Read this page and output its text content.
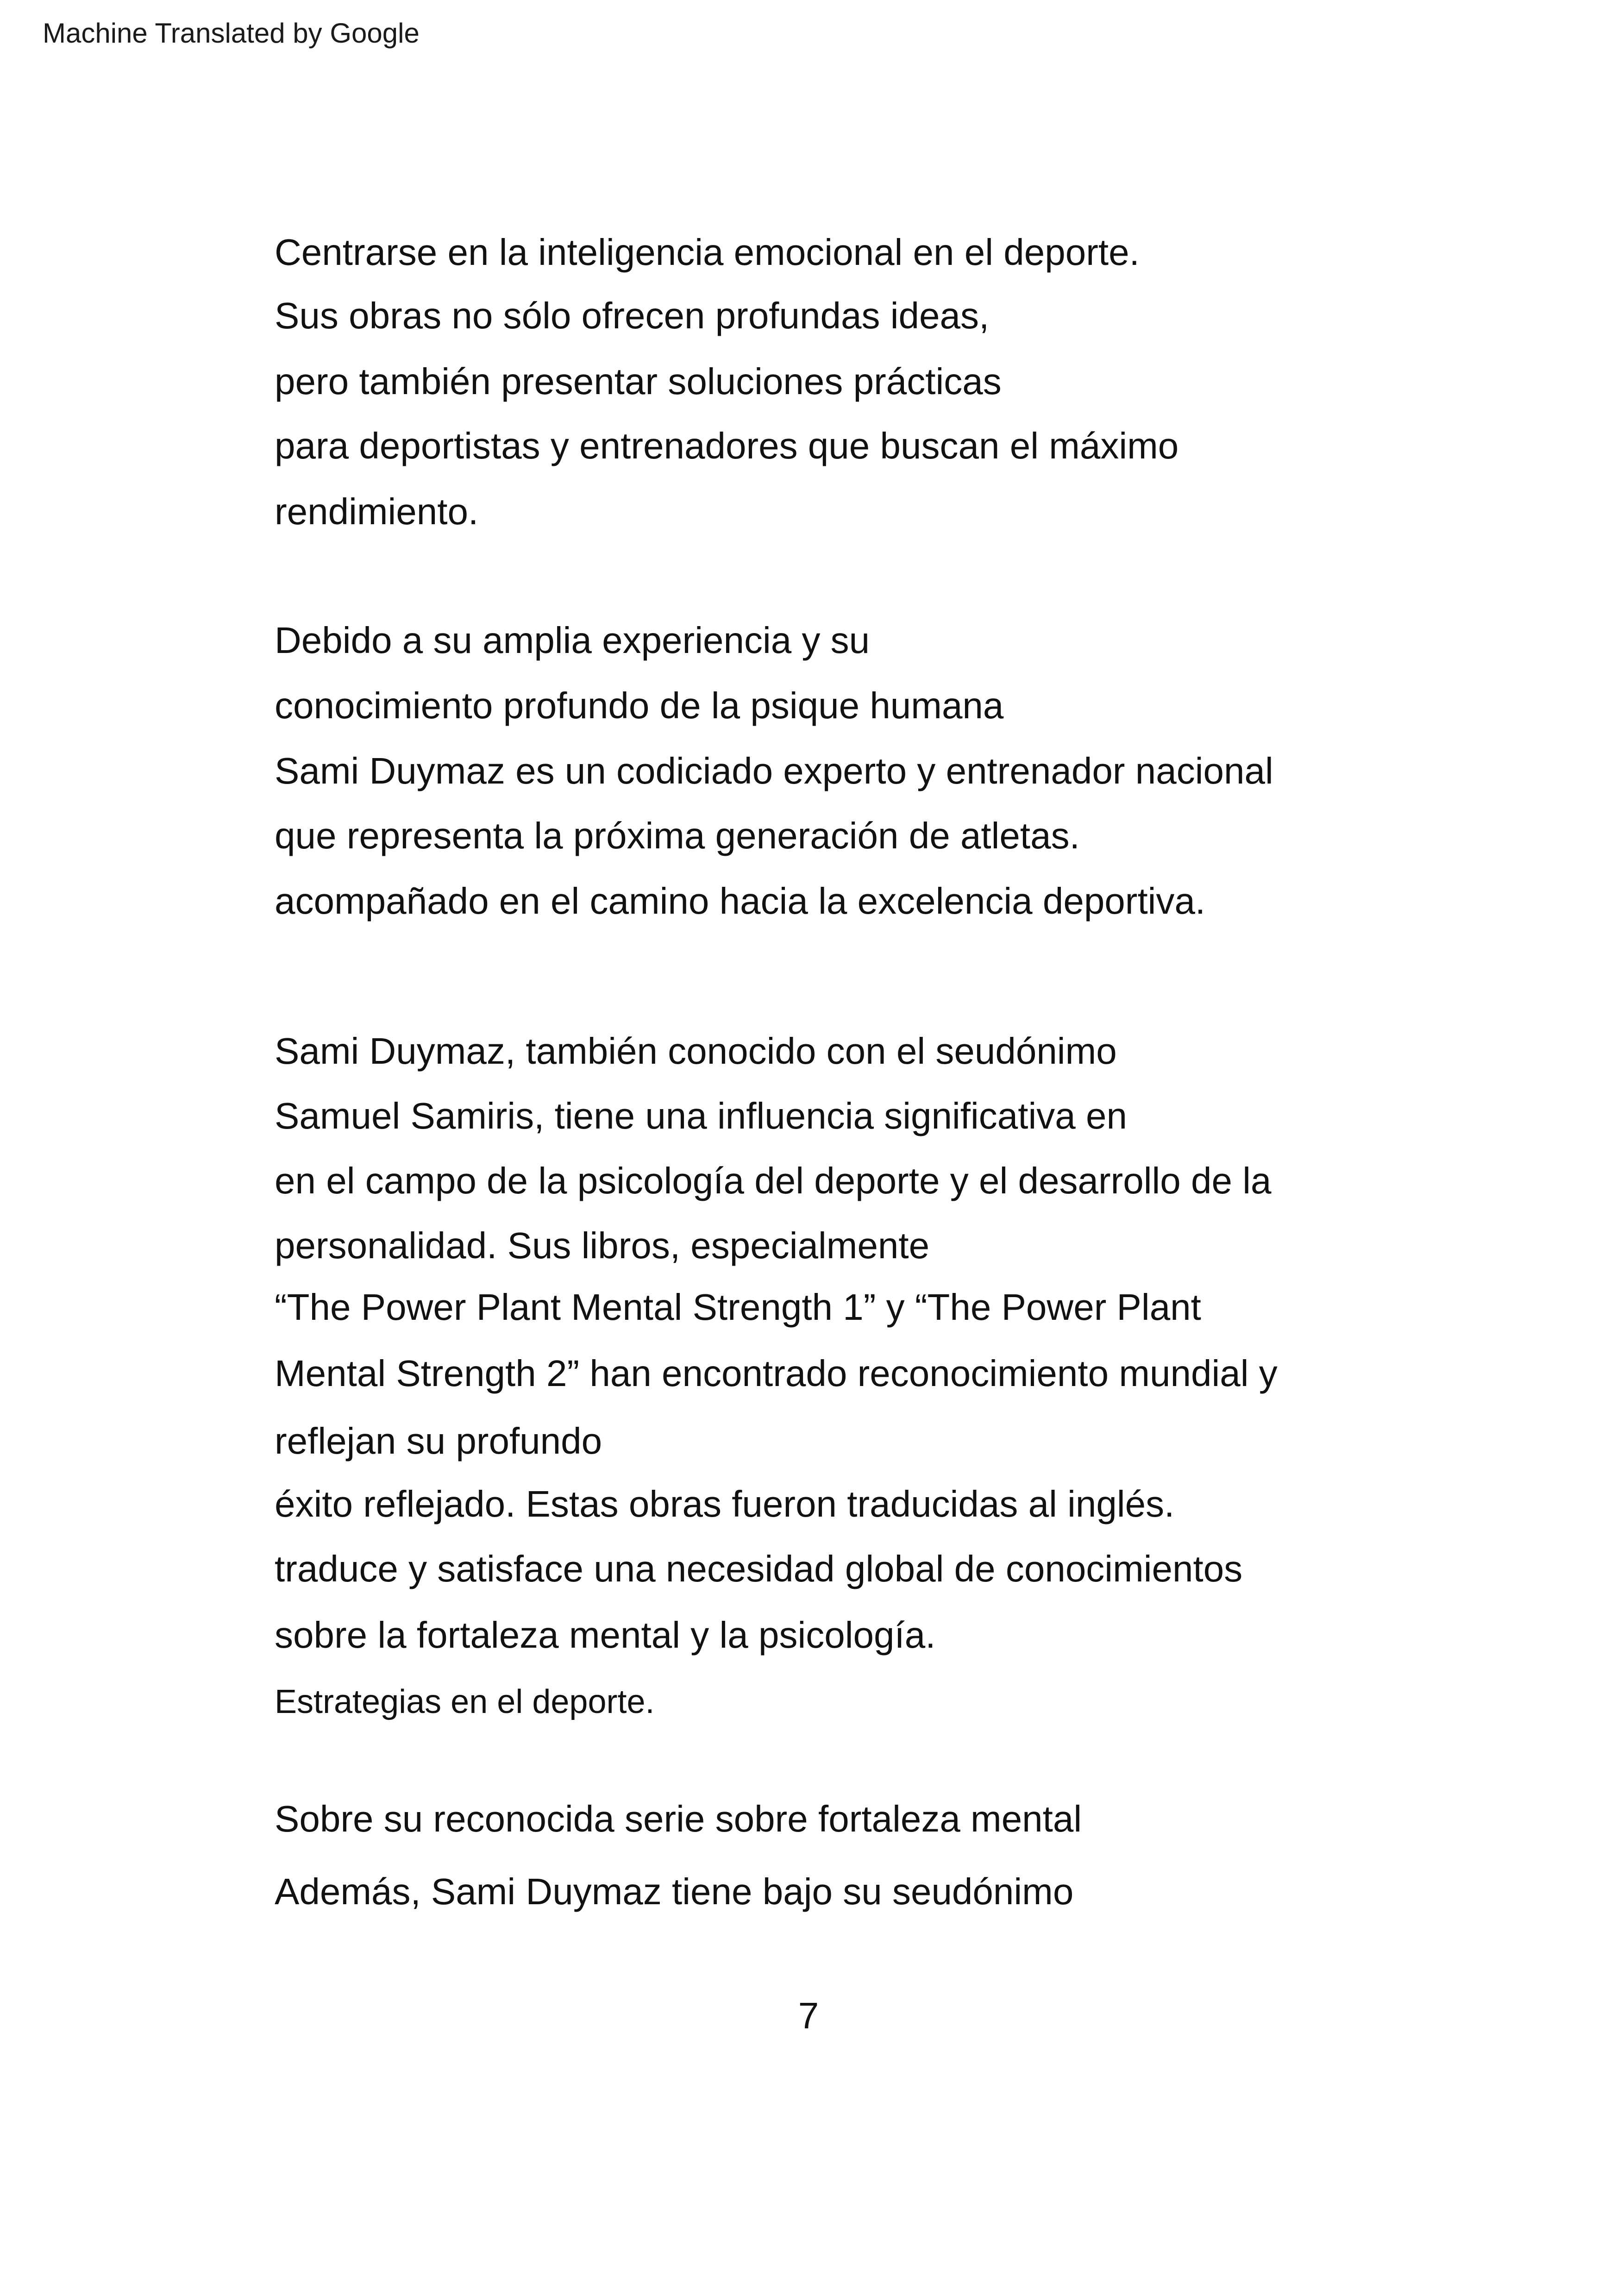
Machine Translated by Google
Centrarse en la inteligencia emocional en el deporte.
Sus obras no sólo ofrecen profundas ideas,
pero también presentar soluciones prácticas
para deportistas y entrenadores que buscan el máximo
rendimiento.
Debido a su amplia experiencia y su
conocimiento profundo de la psique humana
Sami Duymaz es un codiciado experto y entrenador nacional
que representa la próxima generación de atletas.
acompañado en el camino hacia la excelencia deportiva.
Sami Duymaz, también conocido con el seudónimo
Samuel Samiris, tiene una influencia significativa en
en el campo de la psicología del deporte y el desarrollo de la
personalidad. Sus libros, especialmente
“The Power Plant Mental Strength 1” y “The Power Plant
Mental Strength 2” han encontrado reconocimiento mundial y
reflejan su profundo
éxito reflejado. Estas obras fueron traducidas al inglés.
traduce y satisface una necesidad global de conocimientos
sobre la fortaleza mental y la psicología.
Estrategias en el deporte.
Sobre su reconocida serie sobre fortaleza mental
Además, Sami Duymaz tiene bajo su seudónimo
7
